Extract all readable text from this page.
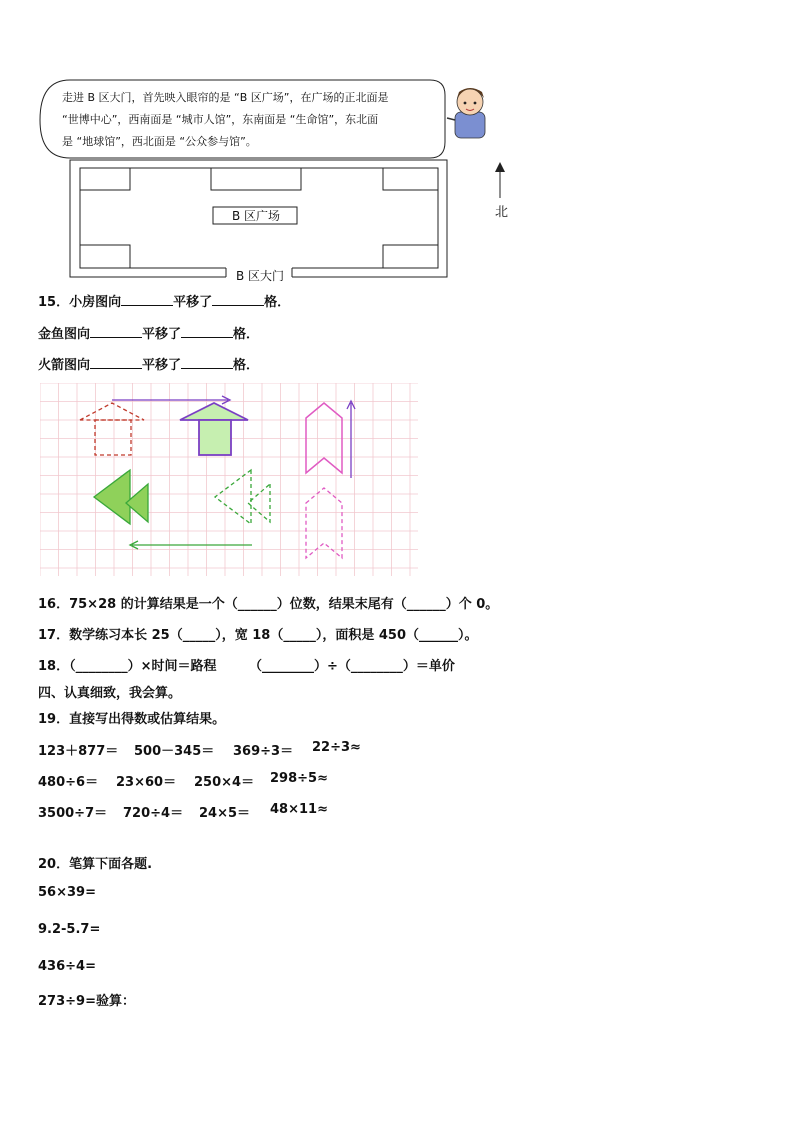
走进 B 区大门，首先映入眼帘的是 “B 区广场”，在广场的正北面是
“世博中心”，西南面是 “城市人馆”，东南面是 “生命馆”，东北面
是 “地球馆”，西北面是 “公众参与馆”。
B 区广场
B 区大门
北
15．小房图向	平移了	格．
金鱼图向	平移了	格．
火箭图向	平移了	格．
16．75×28 的计算结果是一个（______）位数，结果末尾有（______）个 0。
17．数学练习本长 25（_____），宽 18（_____），面积是 450（______）。
18．（________）×时间＝路程　　　（________）÷（________）＝单价
四、认真细致，我会算。
19．直接写出得数或估算结果。
123＋877＝ 500－345＝ 369÷3＝ 22÷3≈
480÷6＝ 23×60＝ 250×4＝ 298÷5≈
3500÷7＝ 720÷4＝ 24×5＝ 48×11≈
20．笔算下面各题.
56×39=
9.2-5.7=
436÷4=
273÷9=验算：
